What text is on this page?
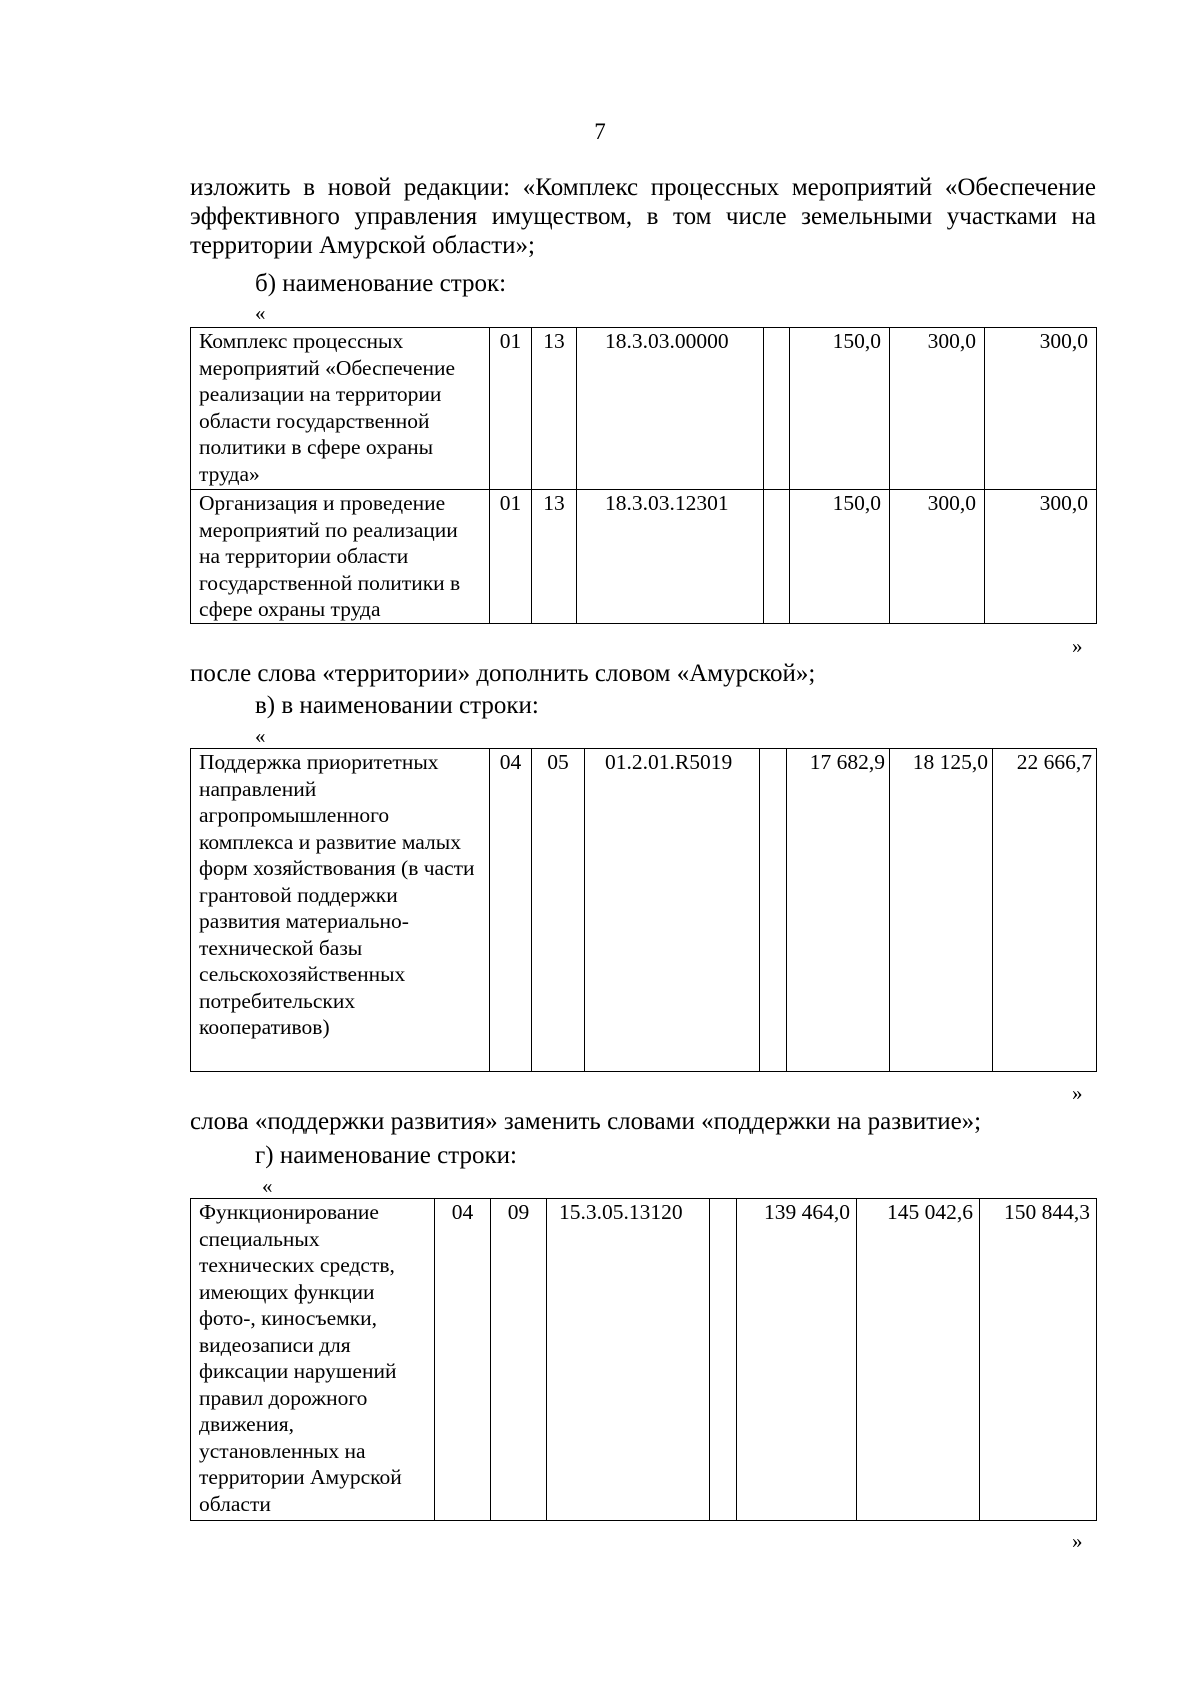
7

изложить в новой редакции: «Комплекс процессных мероприятий «Обеспечение эффективного управления имуществом, в том числе земельными участками на территории Амурской области»;

б) наименование строк:
«
Комплекс процессных мероприятий «Обеспечение реализации на территории области государственной политики в сфере охраны труда»	01	13	18.3.03.00000		150,0	300,0	300,0
Организация и проведение мероприятий по реализации на территории области государственной политики в сфере охраны труда	01	13	18.3.03.12301		150,0	300,0	300,0
»
после слова «территории» дополнить словом «Амурской»;
в) в наименовании строки:
«
Поддержка приоритетных направлений агропромышленного комплекса и развитие малых форм хозяйствования (в части грантовой поддержки развития материально-технической базы сельскохозяйственных потребительских кооперативов)	04	05	01.2.01.R5019		17 682,9	18 125,0	22 666,7
»
слова «поддержки развития» заменить словами «поддержки на развитие»;
г) наименование строки:
«
Функционирование специальных технических средств, имеющих функции фото-, киносъемки, видеозаписи для фиксации нарушений правил дорожного движения, установленных на территории Амурской области	04	09	15.3.05.13120		139 464,0	145 042,6	150 844,3
»
